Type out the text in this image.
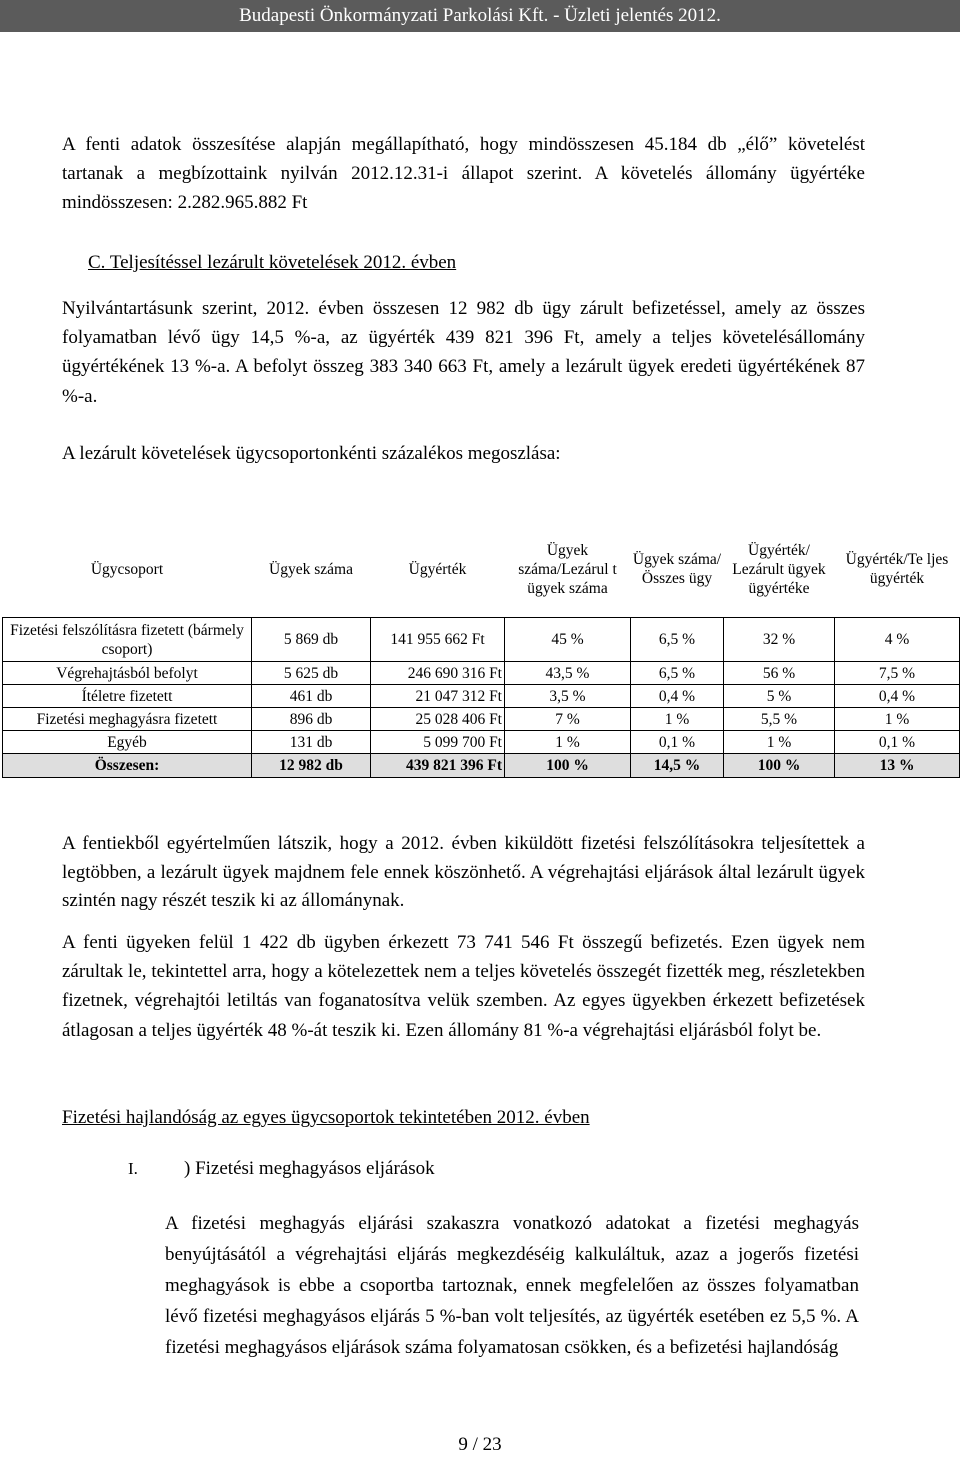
Budapesti Önkormányzati Parkolási Kft. - Üzleti jelentés 2012.
A fenti adatok összesítése alapján megállapítható, hogy mindösszesen 45.184 db „élő” követelést tartanak a megbízottaink nyilván 2012.12.31-i állapot szerint. A követelés állomány ügyértéke mindösszesen: 2.282.965.882 Ft
C. Teljesítéssel lezárult követelések 2012. évben
Nyilvántartásunk szerint, 2012. évben összesen 12 982 db ügy zárult befizetéssel, amely az összes folyamatban lévő ügy 14,5 %-a, az ügyérték 439 821 396 Ft, amely a teljes követelésállomány ügyértékének 13 %-a. A befolyt összeg 383 340 663 Ft, amely a lezárult ügyek eredeti ügyértékének 87 %-a.
A lezárult követelések ügycsoportonkénti százalékos megoszlása:
Ügycsoport	Ügyek száma	Ügyérték	Ügyek száma/Lezárul t ügyek száma	Ügyek száma/ Összes ügy	Ügyérték/ Lezárult ügyek ügyértéke	Ügyérték/Te ljes ügyérték
Fizetési felszólításra fizetett (bármely csoport)	5 869 db	141 955 662 Ft	45 %	6,5 %	32 %	4 %
Végrehajtásból befolyt	5 625 db	246 690 316 Ft	43,5 %	6,5 %	56 %	7,5 %
Ítéletre fizetett	461 db	21 047 312 Ft	3,5 %	0,4 %	5 %	0,4 %
Fizetési meghagyásra fizetett	896 db	25 028 406 Ft	7 %	1 %	5,5 %	1 %
Egyéb	131 db	5 099 700 Ft	1 %	0,1 %	1 %	0,1 %
Összesen:	12 982 db	439 821 396 Ft	100 %	14,5 %	100 %	13 %
A fentiekből egyértelműen látszik, hogy a 2012. évben kiküldött fizetési felszólításokra teljesítettek a legtöbben, a lezárult ügyek majdnem fele ennek köszönhető. A végrehajtási eljárások által lezárult ügyek szintén nagy részét teszik ki az állománynak.
A fenti ügyeken felül 1 422 db ügyben érkezett 73 741 546 Ft összegű befizetés. Ezen ügyek nem zárultak le, tekintettel arra, hogy a kötelezettek nem a teljes követelés összegét fizették meg, részletekben fizetnek, végrehajtói letiltás van foganatosítva velük szemben. Az egyes ügyekben érkezett befizetések átlagosan a teljes ügyérték 48 %-át teszik ki. Ezen állomány 81 %-a végrehajtási eljárásból folyt be.
Fizetési hajlandóság az egyes ügycsoportok tekintetében 2012. évben
I. ) Fizetési meghagyásos eljárások
A fizetési meghagyás eljárási szakaszra vonatkozó adatokat a fizetési meghagyás benyújtásától a végrehajtási eljárás megkezdéséig kalkuláltuk, azaz a jogerős fizetési meghagyások is ebbe a csoportba tartoznak, ennek megfelelően az összes folyamatban lévő fizetési meghagyásos eljárás 5 %-ban volt teljesítés, az ügyérték esetében ez 5,5 %. A fizetési meghagyásos eljárások száma folyamatosan csökken, és a befizetési hajlandóság
9 / 23
